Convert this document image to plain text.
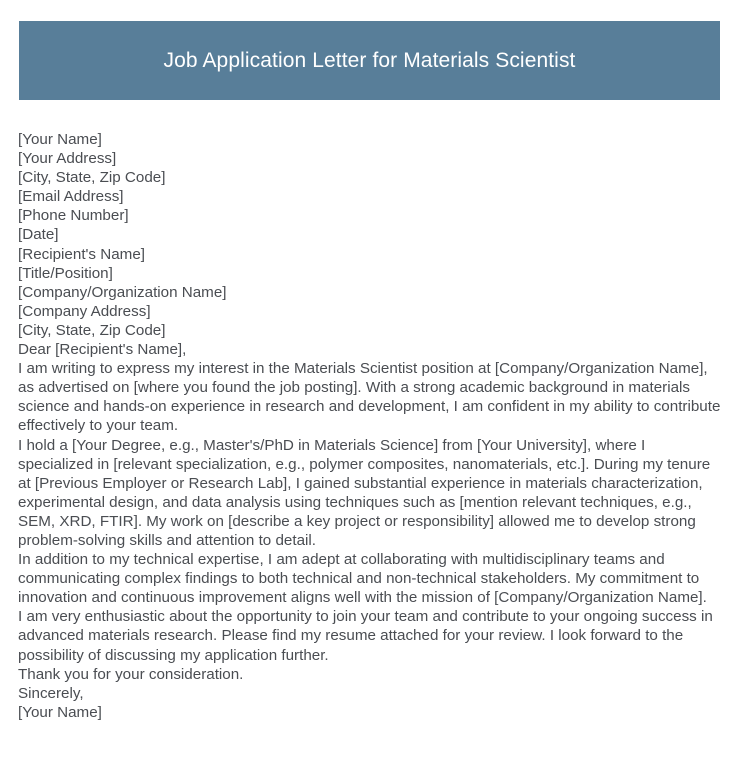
Job Application Letter for Materials Scientist
[Your Name]
[Your Address]
[City, State, Zip Code]
[Email Address]
[Phone Number]
[Date]
[Recipient's Name]
[Title/Position]
[Company/Organization Name]
[Company Address]
[City, State, Zip Code]
Dear [Recipient's Name],

I am writing to express my interest in the Materials Scientist position at [Company/Organization Name], as advertised on [where you found the job posting]. With a strong academic background in materials science and hands-on experience in research and development, I am confident in my ability to contribute effectively to your team.

I hold a [Your Degree, e.g., Master's/PhD in Materials Science] from [Your University], where I specialized in [relevant specialization, e.g., polymer composites, nanomaterials, etc.]. During my tenure at [Previous Employer or Research Lab], I gained substantial experience in materials characterization, experimental design, and data analysis using techniques such as [mention relevant techniques, e.g., SEM, XRD, FTIR]. My work on [describe a key project or responsibility] allowed me to develop strong problem-solving skills and attention to detail.

In addition to my technical expertise, I am adept at collaborating with multidisciplinary teams and communicating complex findings to both technical and non-technical stakeholders. My commitment to innovation and continuous improvement aligns well with the mission of [Company/Organization Name].

I am very enthusiastic about the opportunity to join your team and contribute to your ongoing success in advanced materials research. Please find my resume attached for your review. I look forward to the possibility of discussing my application further.

Thank you for your consideration.
Sincerely,
[Your Name]
